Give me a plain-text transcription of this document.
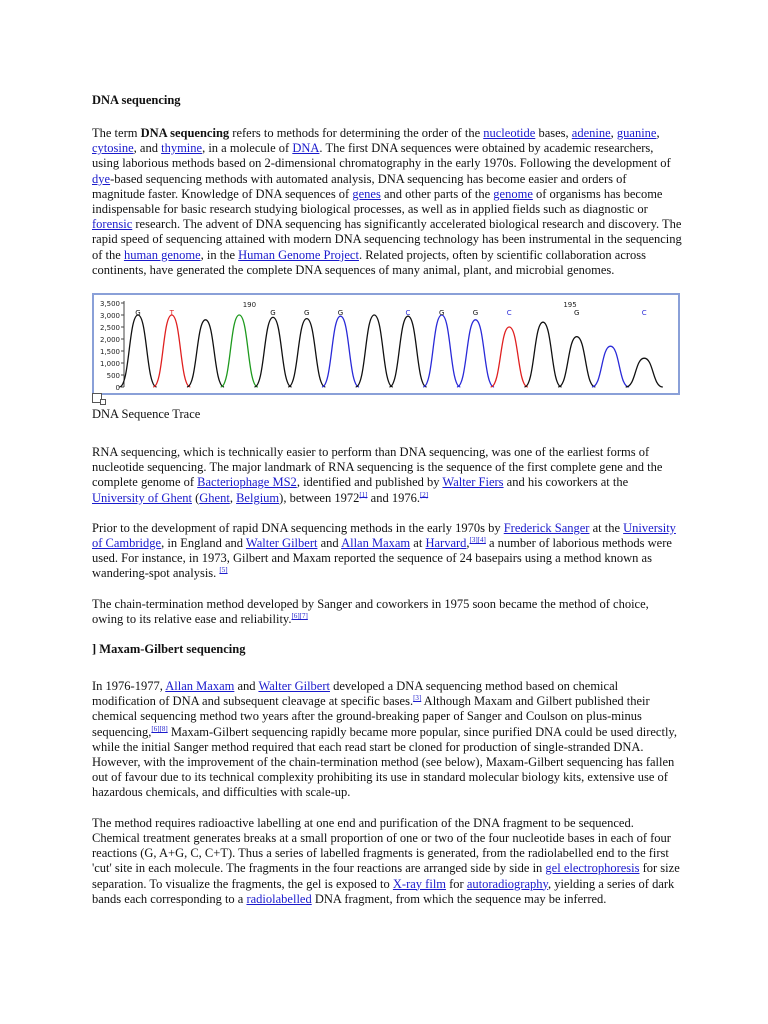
DNA sequencing

The term DNA sequencing refers to methods for determining the order of the nucleotide bases, adenine, guanine, cytosine, and thymine, in a molecule of DNA. The first DNA sequences were obtained by academic researchers, using laborious methods based on 2-dimensional chromatography in the early 1970s. Following the development of dye-based sequencing methods with automated analysis, DNA sequencing has become easier and orders of magnitude faster. Knowledge of DNA sequences of genes and other parts of the genome of organisms has become indispensable for basic research studying biological processes, as well as in applied fields such as diagnostic or forensic research. The advent of DNA sequencing has significantly accelerated biological research and discovery. The rapid speed of sequencing attained with modern DNA sequencing technology has been instrumental in the sequencing of the human genome, in the Human Genome Project. Related projects, often by scientific collaboration across continents, have generated the complete DNA sequences of many animal, plant, and microbial genomes.

3,500
3,000
2,500
2,000
1,500
1,000
500
0
G	T	G	G	G	C	G	G	C	G	C
190	195
DNA Sequence Trace

RNA sequencing, which is technically easier to perform than DNA sequencing, was one of the earliest forms of nucleotide sequencing. The major landmark of RNA sequencing is the sequence of the first complete gene and the complete genome of Bacteriophage MS2, identified and published by Walter Fiers and his coworkers at the University of Ghent (Ghent, Belgium), between 1972[1] and 1976.[2]

Prior to the development of rapid DNA sequencing methods in the early 1970s by Frederick Sanger at the University of Cambridge, in England and Walter Gilbert and Allan Maxam at Harvard,[3][4] a number of laborious methods were used. For instance, in 1973, Gilbert and Maxam reported the sequence of 24 basepairs using a method known as wandering-spot analysis. [5]

The chain-termination method developed by Sanger and coworkers in 1975 soon became the method of choice, owing to its relative ease and reliability.[6][7]

] Maxam-Gilbert sequencing

In 1976-1977, Allan Maxam and Walter Gilbert developed a DNA sequencing method based on chemical modification of DNA and subsequent cleavage at specific bases.[3] Although Maxam and Gilbert published their chemical sequencing method two years after the ground-breaking paper of Sanger and Coulson on plus-minus sequencing,[6][8] Maxam-Gilbert sequencing rapidly became more popular, since purified DNA could be used directly, while the initial Sanger method required that each read start be cloned for production of single-stranded DNA. However, with the improvement of the chain-termination method (see below), Maxam-Gilbert sequencing has fallen out of favour due to its technical complexity prohibiting its use in standard molecular biology kits, extensive use of hazardous chemicals, and difficulties with scale-up.

The method requires radioactive labelling at one end and purification of the DNA fragment to be sequenced. Chemical treatment generates breaks at a small proportion of one or two of the four nucleotide bases in each of four reactions (G, A+G, C, C+T). Thus a series of labelled fragments is generated, from the radiolabelled end to the first 'cut' site in each molecule. The fragments in the four reactions are arranged side by side in gel electrophoresis for size separation. To visualize the fragments, the gel is exposed to X-ray film for autoradiography, yielding a series of dark bands each corresponding to a radiolabelled DNA fragment, from which the sequence may be inferred.
